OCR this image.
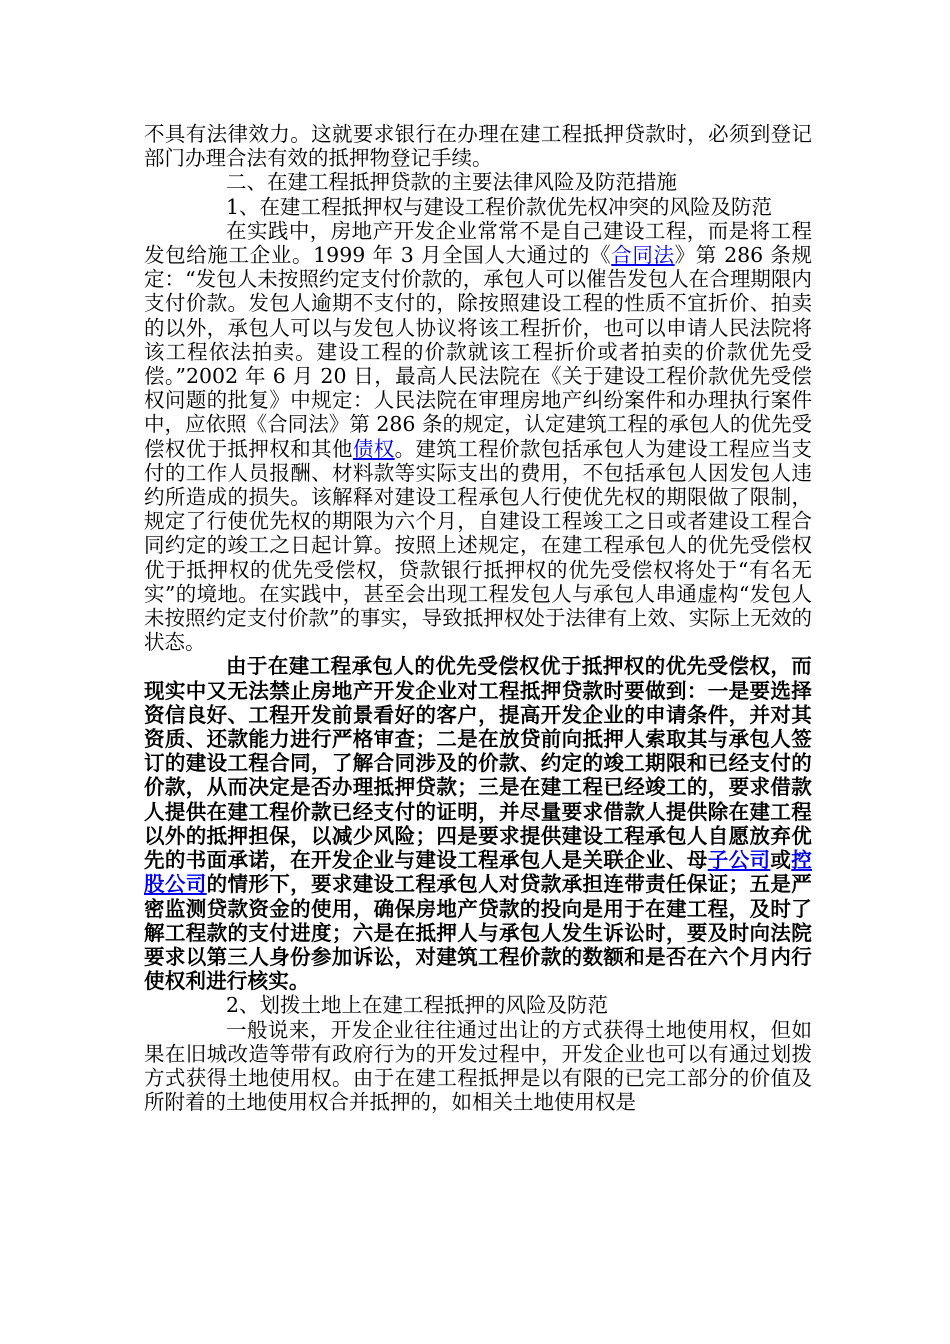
不具有法律效力。这就要求银行在办理在建工程抵押贷款时，必须到登记部门办理合法有效的抵押物登记手续。

二、在建工程抵押贷款的主要法律风险及防范措施

1、在建工程抵押权与建设工程价款优先权冲突的风险及防范

在实践中，房地产开发企业常常不是自己建设工程，而是将工程发包给施工企业。1999 年 3 月全国人大通过的《合同法》第 286 条规定：“发包人未按照约定支付价款的，承包人可以催告发包人在合理期限内支付价款。发包人逾期不支付的，除按照建设工程的性质不宜折价、拍卖的以外，承包人可以与发包人协议将该工程折价，也可以申请人民法院将该工程依法拍卖。建设工程的价款就该工程折价或者拍卖的价款优先受偿。”2002 年 6 月 20 日，最高人民法院在《关于建设工程价款优先受偿权问题的批复》中规定：人民法院在审理房地产纠纷案件和办理执行案件中，应依照《合同法》第 286 条的规定，认定建筑工程的承包人的优先受偿权优于抵押权和其他债权。建筑工程价款包括承包人为建设工程应当支付的工作人员报酬、材料款等实际支出的费用，不包括承包人因发包人违约所造成的损失。该解释对建设工程承包人行使优先权的期限做了限制，规定了行使优先权的期限为六个月，自建设工程竣工之日或者建设工程合同约定的竣工之日起计算。按照上述规定，在建工程承包人的优先受偿权优于抵押权的优先受偿权，贷款银行抵押权的优先受偿权将处于“有名无实”的境地。在实践中，甚至会出现工程发包人与承包人串通虚构“发包人未按照约定支付价款”的事实，导致抵押权处于法律有上效、实际上无效的状态。

由于在建工程承包人的优先受偿权优于抵押权的优先受偿权，而现实中又无法禁止房地产开发企业对工程抵押贷款时要做到：一是要选择资信良好、工程开发前景看好的客户，提高开发企业的申请条件，并对其资质、还款能力进行严格审查；二是在放贷前向抵押人索取其与承包人签订的建设工程合同，了解合同涉及的价款、约定的竣工期限和已经支付的价款，从而决定是否办理抵押贷款；三是在建工程已经竣工的，要求借款人提供在建工程价款已经支付的证明，并尽量要求借款人提供除在建工程以外的抵押担保，以减少风险；四是要求提供建设工程承包人自愿放弃优先的书面承诺，在开发企业与建设工程承包人是关联企业、母子公司或控股公司的情形下，要求建设工程承包人对贷款承担连带责任保证；五是严密监测贷款资金的使用，确保房地产贷款的投向是用于在建工程，及时了解工程款的支付进度；六是在抵押人与承包人发生诉讼时，要及时向法院要求以第三人身份参加诉讼，对建筑工程价款的数额和是否在六个月内行使权利进行核实。

2、划拨土地上在建工程抵押的风险及防范

一般说来，开发企业往往通过出让的方式获得土地使用权，但如果在旧城改造等带有政府行为的开发过程中，开发企业也可以有通过划拨方式获得土地使用权。由于在建工程抵押是以有限的已完工部分的价值及所附着的土地使用权合并抵押的，如相关土地使用权是
